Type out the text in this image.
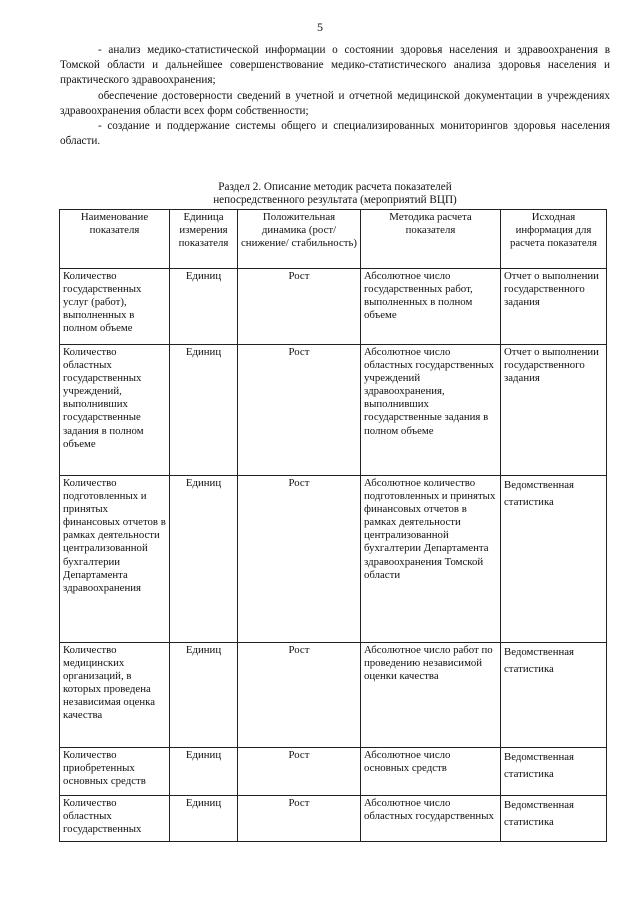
5

- анализ медико-статистической информации о состоянии здоровья населения и здравоохранения в Томской области и дальнейшее совершенствование медико-статистического анализа здоровья населения и практического здравоохранения;

обеспечение достоверности сведений в учетной и отчетной медицинской документации в учреждениях здравоохранения области всех форм собственности;

- создание и поддержание системы общего и специализированных мониторингов здоровья населения области.

Раздел 2. Описание методик расчета показателей
непосредственного результата (мероприятий ВЦП)
Наименование показателя	Единица измерения показателя	Положительная динамика (рост/снижение/ стабильность)	Методика расчета показателя	Исходная информация для расчета показателя
Количество государственных услуг (работ), выполненных в полном объеме	Единиц	Рост	Абсолютное число государственных работ, выполненных в полном объеме	Отчет о выполнении государственного задания
Количество областных государственных учреждений, выполнивших государственные задания в полном объеме	Единиц	Рост	Абсолютное число областных государственных учреждений здравоохранения, выполнивших государственные задания в полном объеме	Отчет о выполнении государственного задания
Количество подготовленных и принятых финансовых отчетов в рамках деятельности централизованной бухгалтерии Департамента здравоохранения	Единиц	Рост	Абсолютное количество подготовленных и принятых финансовых отчетов в рамках деятельности централизованной бухгалтерии Департамента здравоохранения Томской области	Ведомственная статистика
Количество медицинских организаций, в которых проведена независимая оценка качества	Единиц	Рост	Абсолютное число работ по проведению независимой оценки качества	Ведомственная статистика
Количество приобретенных основных средств	Единиц	Рост	Абсолютное число основных средств	Ведомственная статистика
Количество областных государственных	Единиц	Рост	Абсолютное число областных государственных	Ведомственная статистика
